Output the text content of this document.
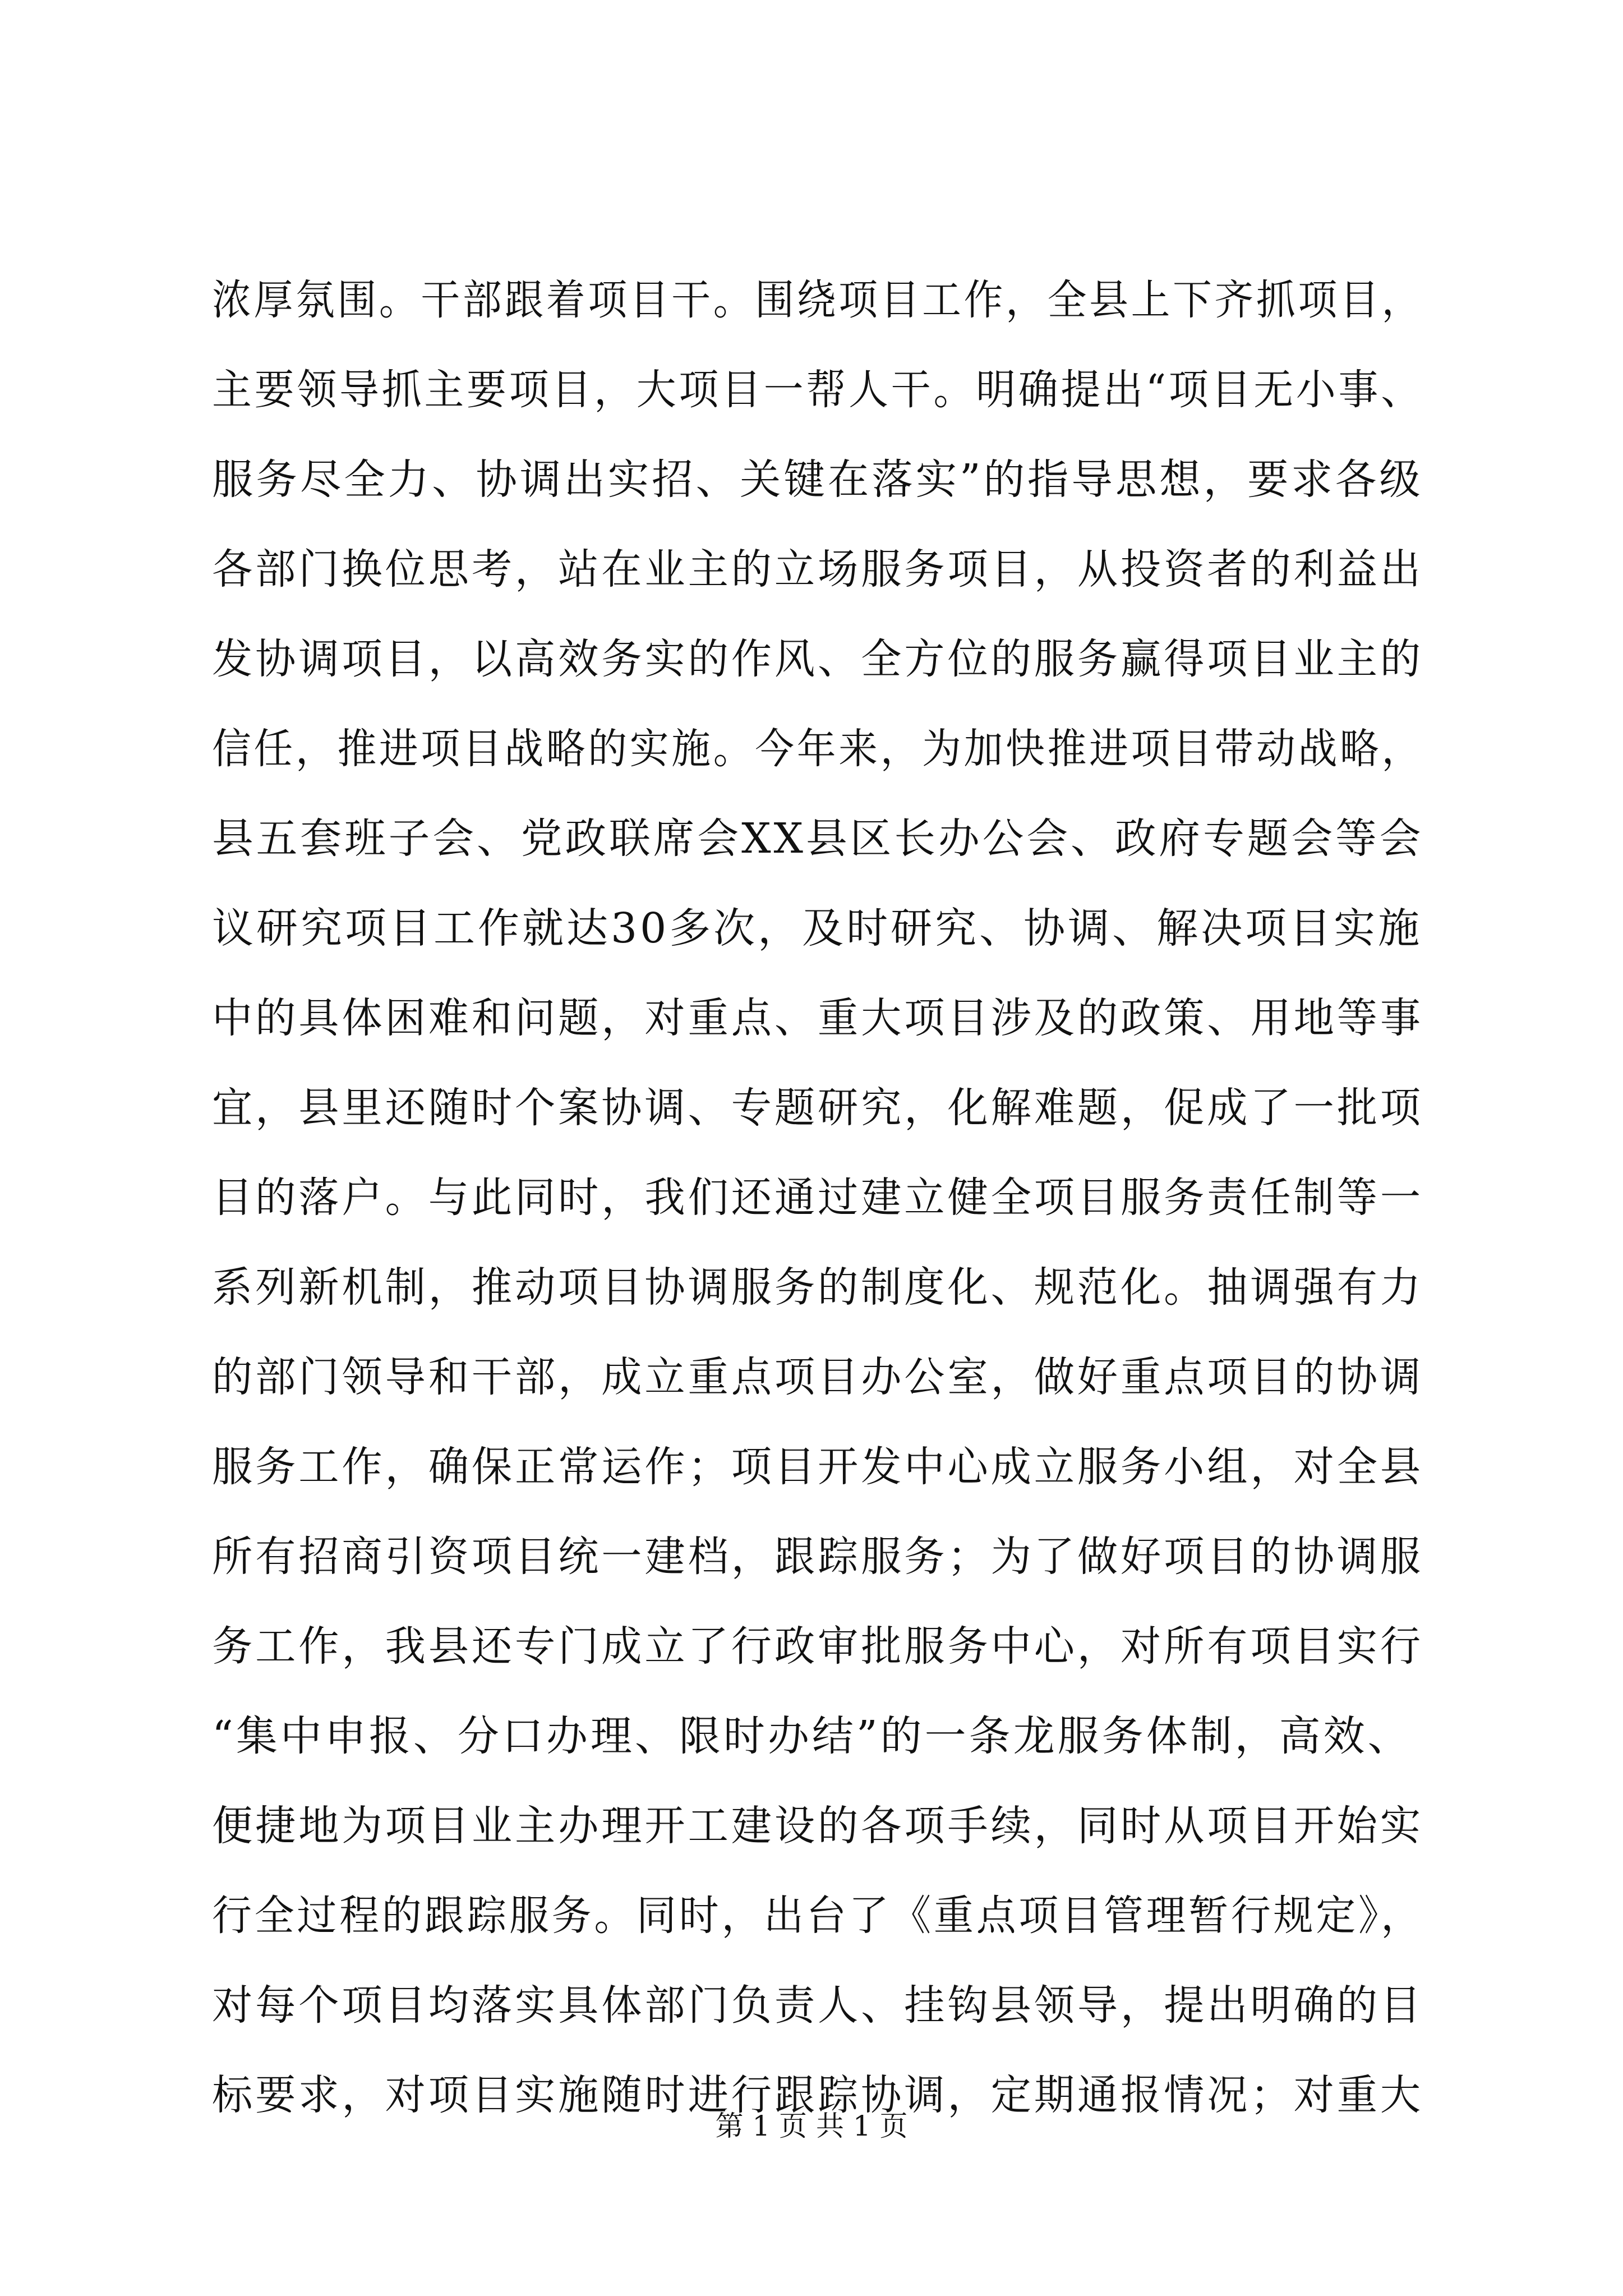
浓厚氛围。干部跟着项目干。围绕项目工作，全县上下齐抓项目，
主要领导抓主要项目，大项目一帮人干。明确提出“项目无小事、
服务尽全力、协调出实招、关键在落实”的指导思想，要求各级
各部门换位思考，站在业主的立场服务项目，从投资者的利益出
发协调项目，以高效务实的作风、全方位的服务赢得项目业主的
信任，推进项目战略的实施。今年来，为加快推进项目带动战略，
县五套班子会、党政联席会XX县区长办公会、政府专题会等会
议研究项目工作就达30多次，及时研究、协调、解决项目实施
中的具体困难和问题，对重点、重大项目涉及的政策、用地等事
宜，县里还随时个案协调、专题研究，化解难题，促成了一批项
目的落户。与此同时，我们还通过建立健全项目服务责任制等一
系列新机制，推动项目协调服务的制度化、规范化。抽调强有力
的部门领导和干部，成立重点项目办公室，做好重点项目的协调
服务工作，确保正常运作；项目开发中心成立服务小组，对全县
所有招商引资项目统一建档，跟踪服务；为了做好项目的协调服
务工作，我县还专门成立了行政审批服务中心，对所有项目实行
“集中申报、分口办理、限时办结”的一条龙服务体制，高效、
便捷地为项目业主办理开工建设的各项手续，同时从项目开始实
行全过程的跟踪服务。同时，出台了《重点项目管理暂行规定》，
对每个项目均落实具体部门负责人、挂钩县领导，提出明确的目
标要求，对项目实施随时进行跟踪协调，定期通报情况；对重大
第 1 页 共 1 页
